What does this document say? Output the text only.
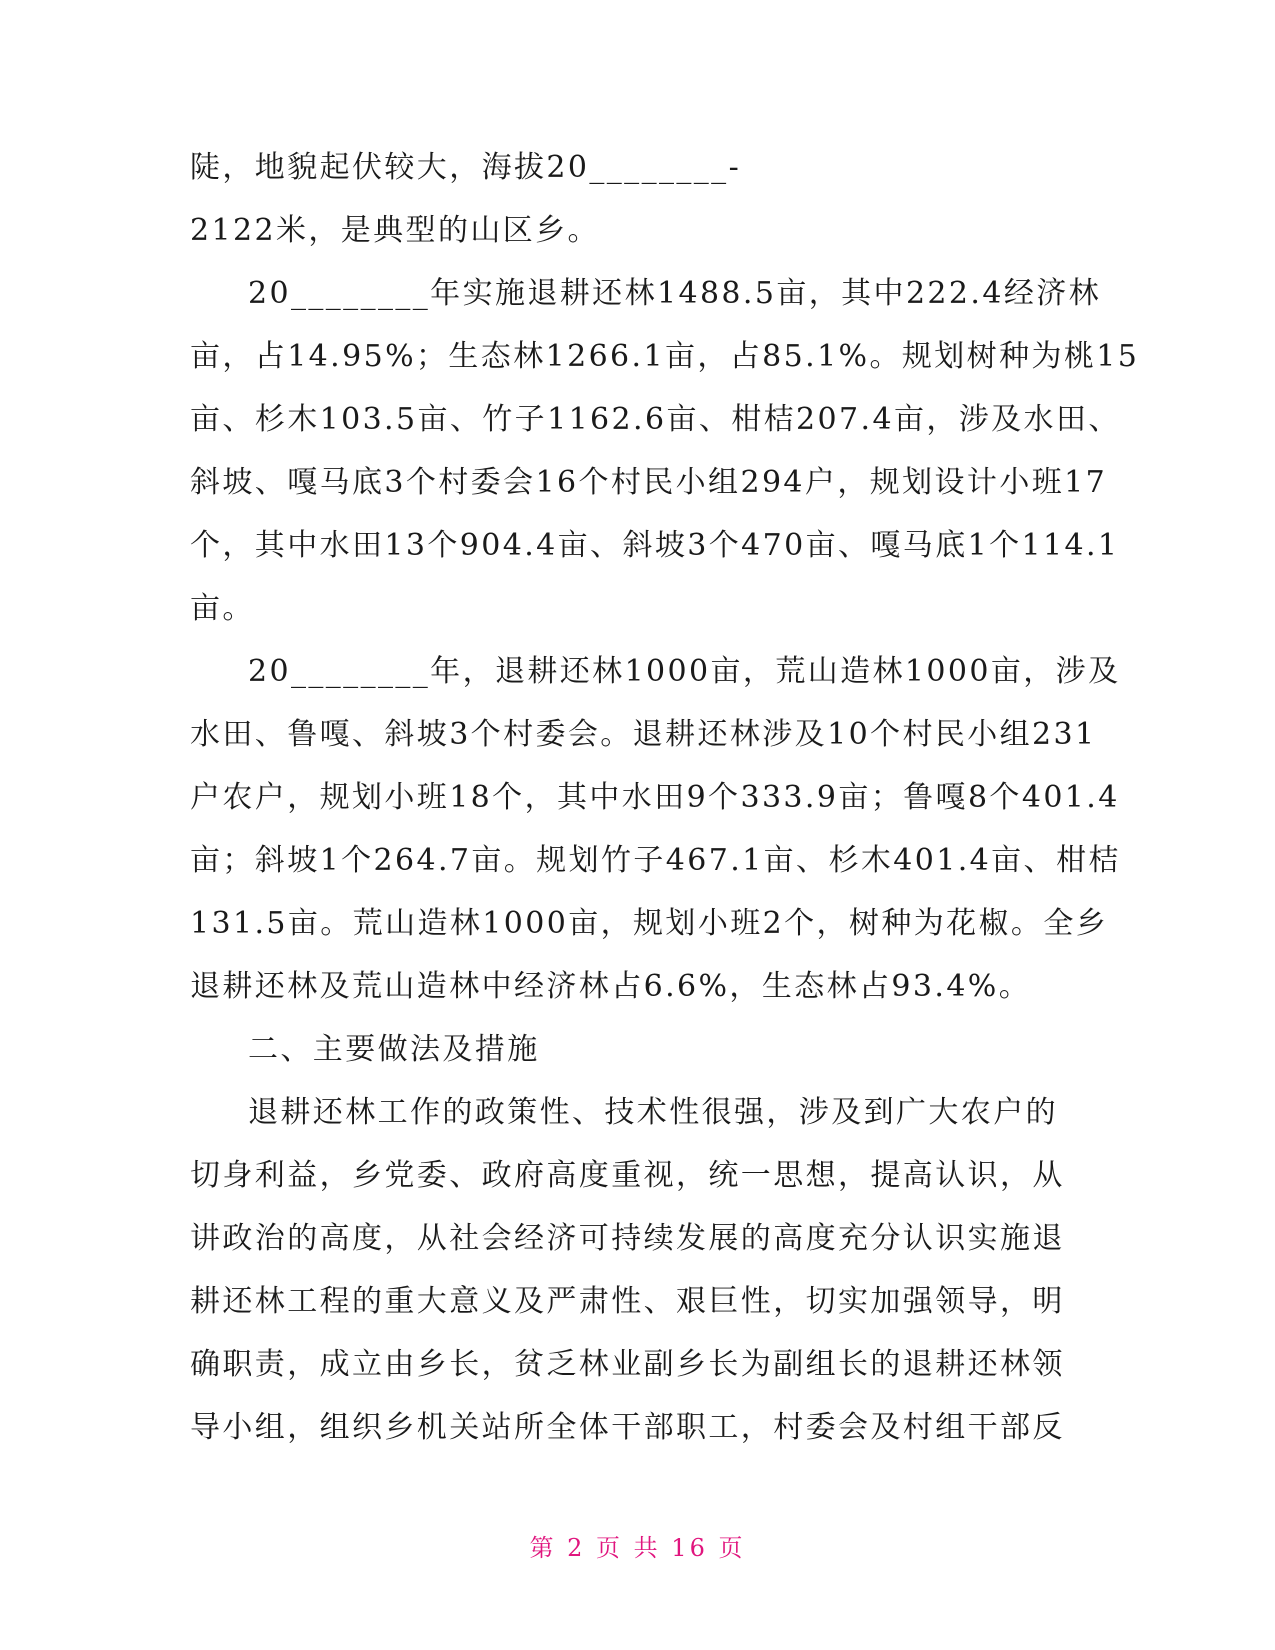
陡，地貌起伏较大，海拔20________-
2122米，是典型的山区乡。
20________年实施退耕还林1488.5亩，其中222.4经济林
亩，占14.95%；生态林1266.1亩，占85.1%。规划树种为桃15
亩、杉木103.5亩、竹子1162.6亩、柑桔207.4亩，涉及水田、
斜坡、嘎马底3个村委会16个村民小组294户，规划设计小班17
个，其中水田13个904.4亩、斜坡3个470亩、嘎马底1个114.1
亩。
20________年，退耕还林1000亩，荒山造林1000亩，涉及
水田、鲁嘎、斜坡3个村委会。退耕还林涉及10个村民小组231
户农户，规划小班18个，其中水田9个333.9亩；鲁嘎8个401.4
亩；斜坡1个264.7亩。规划竹子467.1亩、杉木401.4亩、柑桔
131.5亩。荒山造林1000亩，规划小班2个，树种为花椒。全乡
退耕还林及荒山造林中经济林占6.6%，生态林占93.4%。
二、主要做法及措施
退耕还林工作的政策性、技术性很强，涉及到广大农户的
切身利益，乡党委、政府高度重视，统一思想，提高认识，从
讲政治的高度，从社会经济可持续发展的高度充分认识实施退
耕还林工程的重大意义及严肃性、艰巨性，切实加强领导，明
确职责，成立由乡长，贫乏林业副乡长为副组长的退耕还林领
导小组，组织乡机关站所全体干部职工，村委会及村组干部反
第 2 页 共 16 页
